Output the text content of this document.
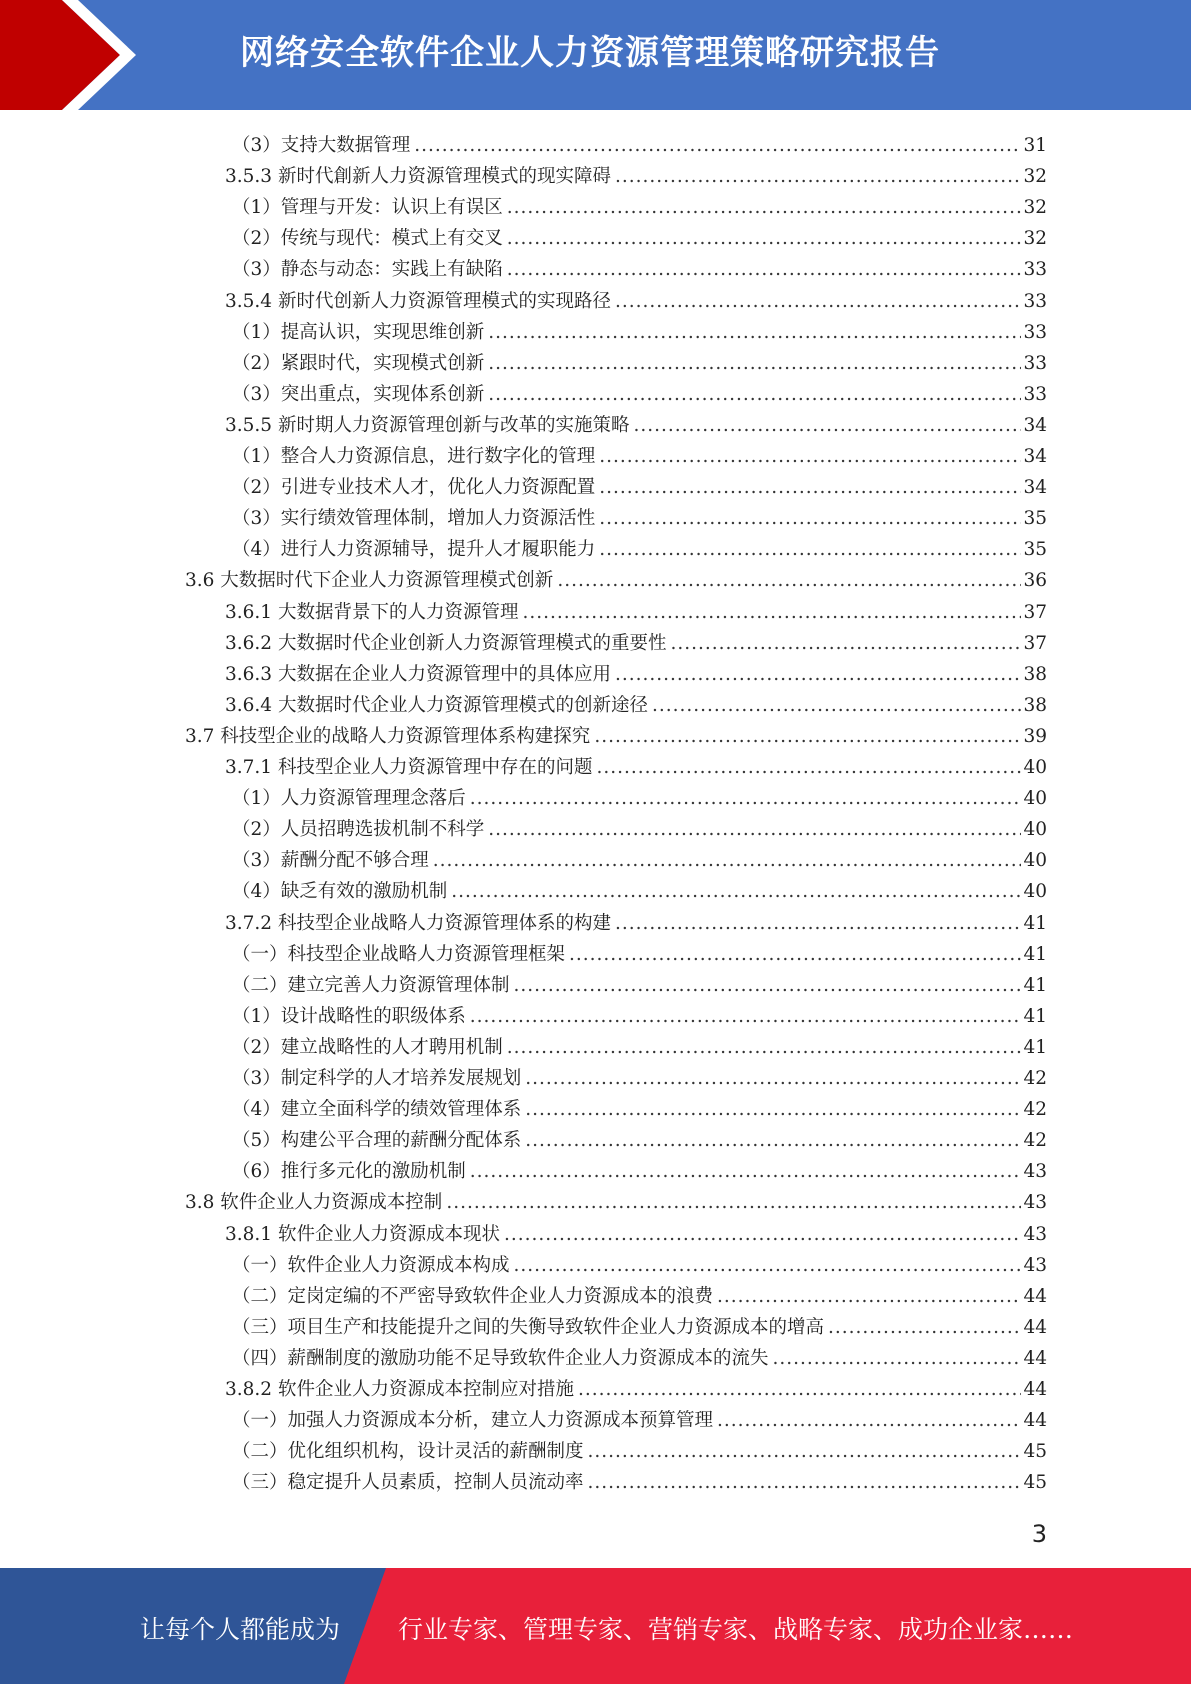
网络安全软件企业人力资源管理策略研究报告
（3）支持大数据管理 .....	31
3.5.3 新时代創新人力资源管理模式的现实障碍 .....	32
（1）管理与开发：认识上有误区 .....	32
（2）传统与现代：模式上有交叉 .....	32
（3）静态与动态：实践上有缺陷 .....	33
3.5.4 新时代创新人力资源管理模式的实现路径 .....	33
（1）提高认识，实现思维创新 .....	33
（2）紧跟时代，实现模式创新 .....	33
（3）突出重点，实现体系创新 .....	33
3.5.5 新时期人力资源管理创新与改革的实施策略 .....	34
（1）整合人力资源信息，进行数字化的管理 .....	34
（2）引进专业技术人才，优化人力资源配置 .....	34
（3）实行绩效管理体制，增加人力资源活性 .....	35
（4）进行人力资源辅导，提升人才履职能力 .....	35
3.6 大数据时代下企业人力资源管理模式创新 .....	36
3.6.1 大数据背景下的人力资源管理 .....	37
3.6.2 大数据时代企业创新人力资源管理模式的重要性 .....	37
3.6.3 大数据在企业人力资源管理中的具体应用 .....	38
3.6.4 大数据时代企业人力资源管理模式的创新途径 .....	38
3.7 科技型企业的战略人力资源管理体系构建探究 .....	39
3.7.1 科技型企业人力资源管理中存在的问题 .....	40
（1）人力资源管理理念落后 .....	40
（2）人员招聘选拔机制不科学 .....	40
（3）薪酬分配不够合理 .....	40
（4）缺乏有效的激励机制 .....	40
3.7.2 科技型企业战略人力资源管理体系的构建 .....	41
（一）科技型企业战略人力资源管理框架 .....	41
（二）建立完善人力资源管理体制 .....	41
（1）设计战略性的职级体系 .....	41
（2）建立战略性的人才聘用机制 .....	41
（3）制定科学的人才培养发展规划 .....	42
（4）建立全面科学的绩效管理体系 .....	42
（5）构建公平合理的薪酬分配体系 .....	42
（6）推行多元化的激励机制 .....	43
3.8 软件企业人力资源成本控制 .....	43
3.8.1 软件企业人力资源成本现状 .....	43
（一）软件企业人力资源成本构成 .....	43
（二）定岗定编的不严密导致软件企业人力资源成本的浪费 .....	44
（三）项目生产和技能提升之间的失衡导致软件企业人力资源成本的增高 .....	44
（四）薪酬制度的激励功能不足导致软件企业人力资源成本的流失 .....	44
3.8.2 软件企业人力资源成本控制应对措施 .....	44
（一）加强人力资源成本分析，建立人力资源成本预算管理 .....	44
（二）优化组织机构，设计灵活的薪酬制度 .....	45
（三）稳定提升人员素质，控制人员流动率 .....	45
3
让每个人都能成为 行业专家、管理专家、营销专家、战略专家、成功企业家……
